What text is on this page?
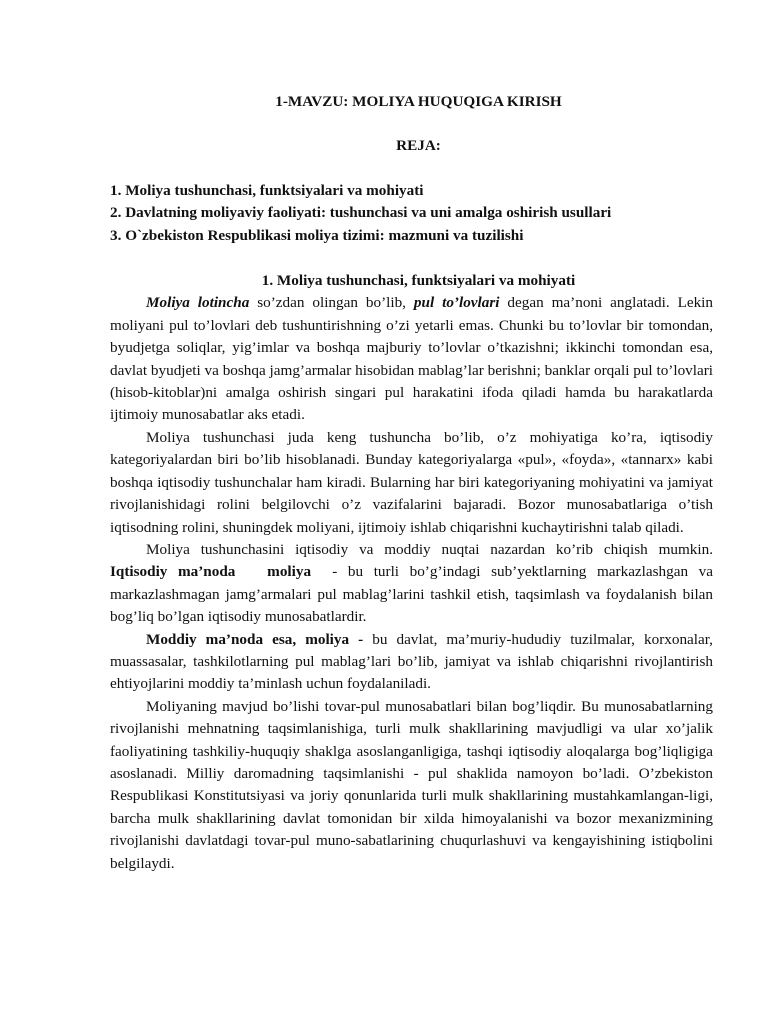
1-MAVZU: MOLIYA HUQUQIGA KIRISH

REJA:

1. Moliya tushunchasi, funktsiyalari va mohiyati
2. Davlatning moliyaviy faoliyati: tushunchasi va uni amalga oshirish usullari
3. O`zbekiston Respublikasi moliya tizimi: mazmuni va tuzilishi

1. Moliya tushunchasi, funktsiyalari va mohiyati

Moliya lotincha so’zdan olingan bo’lib, pul to’lovlari degan ma’noni anglatadi. Lekin moliyani pul to’lovlari deb tushuntirishning o’zi yetarli emas. Chunki bu to’lovlar bir tomondan, byudjetga soliqlar, yig’imlar va boshqa majburiy to’lovlar o’tkazishni; ikkinchi tomondan esa, davlat byudjeti va boshqa jamg’armalar hisobidan mablag’lar berishni; banklar orqali pul to’lovlari (hisob-kitoblar)ni amalga oshirish singari pul harakatini ifoda qiladi hamda bu harakatlarda ijtimoiy munosabatlar aks etadi.

Moliya tushunchasi juda keng tushuncha bo’lib, o’z mohiyatiga ko’ra, iqtisodiy kategoriyalardan biri bo’lib hisoblanadi. Bunday kategoriyalarga «pul», «foyda», «tannarx» kabi boshqa iqtisodiy tushunchalar ham kiradi. Bularning har biri kategoriyaning mohiyatini va jamiyat rivojlanishidagi rolini belgilovchi o’z vazifalarini bajaradi. Bozor munosabatlariga o’tish iqtisodning rolini, shuningdek moliyani, ijtimoiy ishlab chiqarishni kuchaytirishni talab qiladi.

Moliya tushunchasini iqtisodiy va moddiy nuqtai nazardan ko’rib chiqish mumkin. Iqtisodiy ma’noda   moliya  - bu turli bo’g’indagi sub’yektlarning markazlashgan va markazlashmagan jamg’armalari pul mablag’larini tashkil etish, taqsimlash va foydalanish bilan bog’liq bo’lgan iqtisodiy munosabatlardir.

Moddiy ma’noda esa, moliya - bu davlat, ma’muriy-hududiy tuzilmalar, korxonalar, muassasalar, tashkilotlarning pul mablag’lari bo’lib, jamiyat va ishlab chiqarishni rivojlantirish ehtiyojlarini moddiy ta’minlash uchun foydalaniladi.

Moliyaning mavjud bo’lishi tovar-pul munosabatlari bilan bog’liqdir. Bu munosabatlarning rivojlanishi mehnatning taqsimlanishiga, turli mulk shakllarining mavjudligi va ular xo’jalik faoliyatining tashkiliy-huquqiy shaklga asoslanganligiga, tashqi iqtisodiy aloqalarga bog’liqligiga asoslanadi. Milliy daromadning taqsimlanishi - pul shaklida namoyon bo’ladi. O’zbekiston Respublikasi Konstitutsiyasi va joriy qonunlarida turli mulk shakllarining mustahkamlangan-ligi, barcha mulk shakllarining davlat tomonidan bir xilda himoyalanishi va bozor mexanizmining rivojlanishi davlatdagi tovar-pul muno-sabatlarining chuqurlashuvi va kengayishining istiqbolini belgilaydi.
